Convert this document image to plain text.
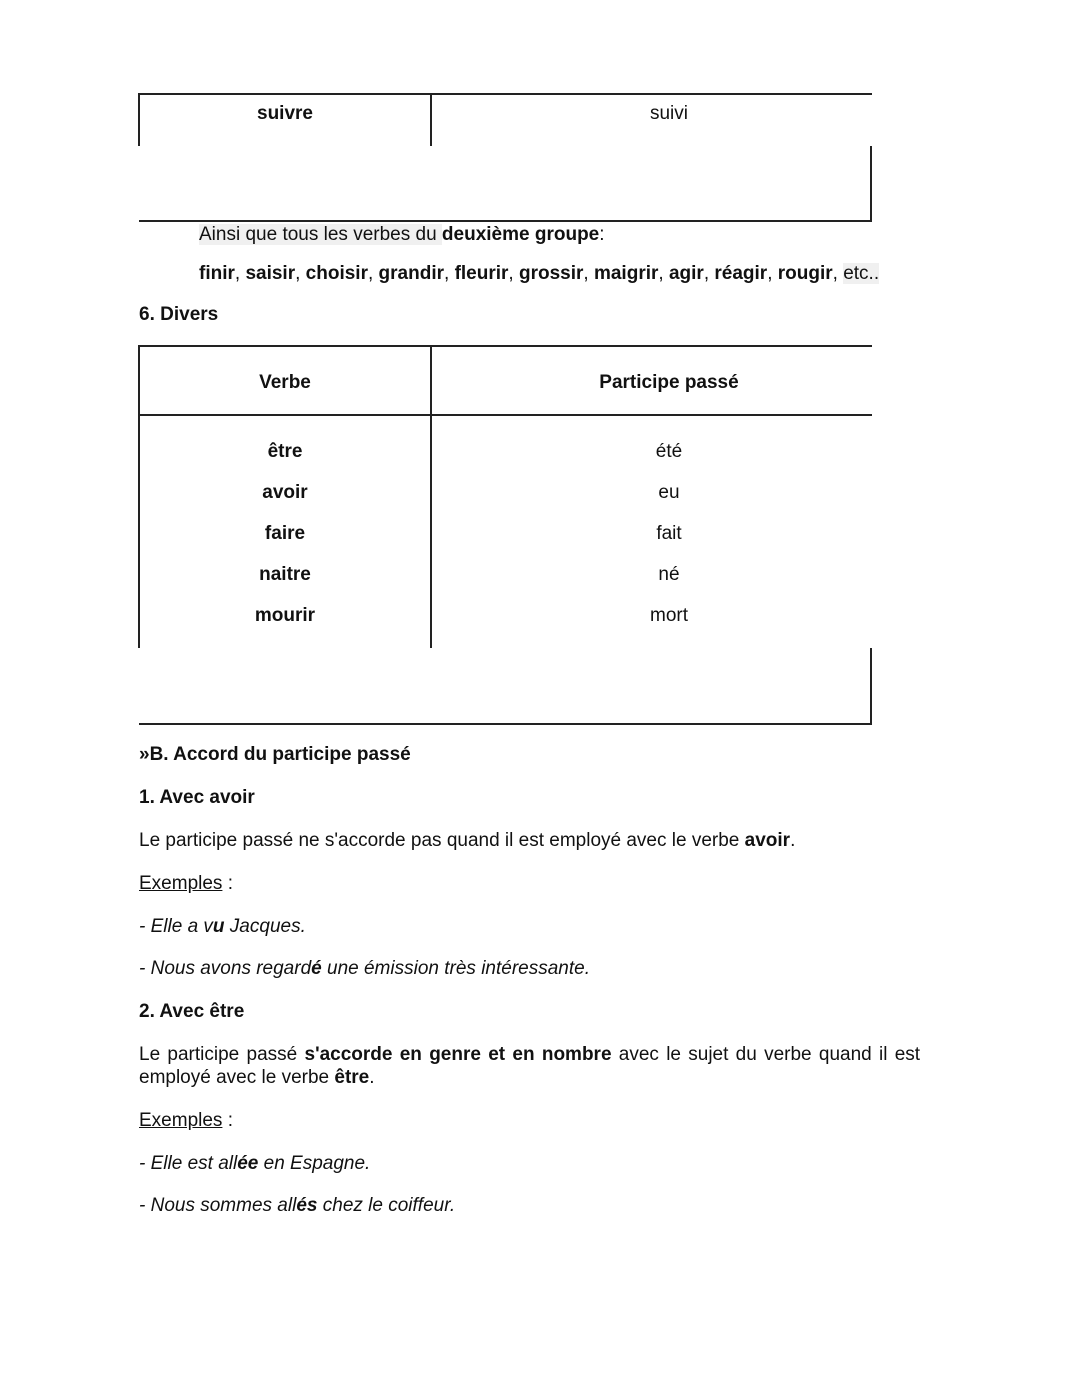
suivre	suivi
Ainsi que tous les verbes du deuxième groupe:
finir, saisir, choisir, grandir, fleurir, grossir, maigrir, agir, réagir, rougir, etc..
6. Divers
Verbe	Participe passé
être	été
avoir	eu
faire	fait
naitre	né
mourir	mort
»B. Accord du participe passé
1. Avec avoir
Le participe passé ne s'accorde pas quand il est employé avec le verbe avoir.
Exemples :
- Elle a vu Jacques.
- Nous avons regardé une émission très intéressante.
2. Avec être
Le participe passé s'accorde en genre et en nombre avec le sujet du verbe quand il est
employé avec le verbe être.
Exemples :
- Elle est allée en Espagne.
- Nous sommes allés chez le coiffeur.
